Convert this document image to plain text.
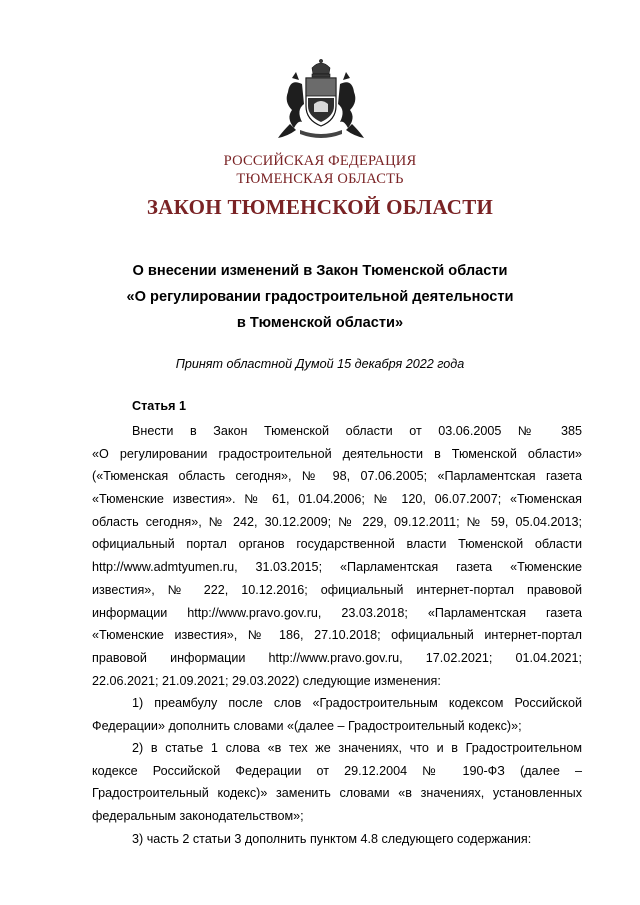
РОССИЙСКАЯ ФЕДЕРАЦИЯ
ТЮМЕНСКАЯ ОБЛАСТЬ
ЗАКОН ТЮМЕНСКОЙ ОБЛАСТИ
О внесении изменений в Закон Тюменской области
«О регулировании градостроительной деятельности
в Тюменской области»
Принят областной Думой 15 декабря 2022 года
Статья 1
Внести в Закон Тюменской области от 03.06.2005 № 385
«О регулировании градостроительной деятельности в Тюменской области»
(«Тюменская область сегодня», № 98, 07.06.2005; «Парламентская газета
«Тюменские известия». № 61, 01.04.2006; № 120, 06.07.2007; «Тюменская
область сегодня», № 242, 30.12.2009; № 229, 09.12.2011; № 59, 05.04.2013;
официальный портал органов государственной власти Тюменской области
http://www.admtyumen.ru, 31.03.2015; «Парламентская газета «Тюменские
известия», № 222, 10.12.2016; официальный интернет-портал правовой
информации http://www.pravo.gov.ru, 23.03.2018; «Парламентская газета
«Тюменские известия», № 186, 27.10.2018; официальный интернет-портал
правовой информации http://www.pravo.gov.ru, 17.02.2021; 01.04.2021;
22.06.2021; 21.09.2021; 29.03.2022) следующие изменения:
1) преамбулу после слов «Градостроительным кодексом Российской
Федерации» дополнить словами «(далее – Градостроительный кодекс)»;
2) в статье 1 слова «в тех же значениях, что и в Градостроительном
кодексе Российской Федерации от 29.12.2004 № 190-ФЗ (далее –
Градостроительный кодекс)» заменить словами «в значениях, установленных
федеральным законодательством»;
3) часть 2 статьи 3 дополнить пунктом 4.8 следующего содержания:
